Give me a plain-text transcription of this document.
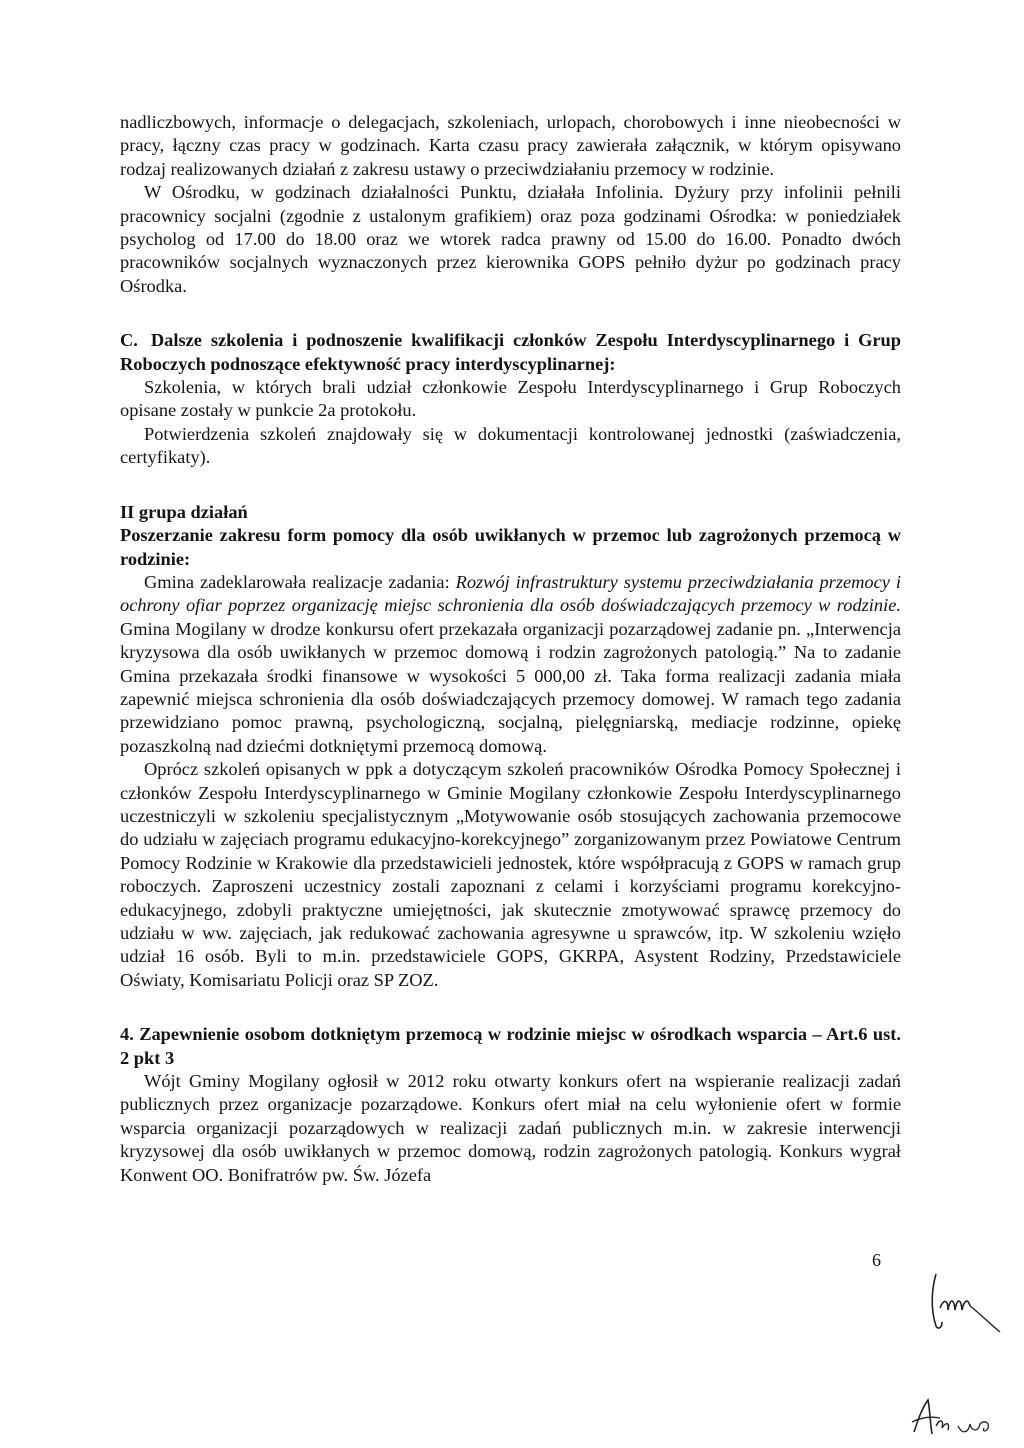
nadliczbowych, informacje o delegacjach, szkoleniach, urlopach, chorobowych i inne nieobecności w pracy, łączny czas pracy w godzinach. Karta czasu pracy zawierała załącznik, w którym opisywano rodzaj realizowanych działań z zakresu ustawy o przeciwdziałaniu przemocy w rodzinie.

W Ośrodku, w godzinach działalności Punktu, działała Infolinia. Dyżury przy infolinii pełnili pracownicy socjalni (zgodnie z ustalonym grafikiem) oraz poza godzinami Ośrodka: w poniedziałek psycholog od 17.00 do 18.00 oraz we wtorek radca prawny od 15.00 do 16.00. Ponadto dwóch pracowników socjalnych wyznaczonych przez kierownika GOPS pełniło dyżur po godzinach pracy Ośrodka.

C. Dalsze szkolenia i podnoszenie kwalifikacji członków Zespołu Interdyscyplinarnego i Grup Roboczych podnoszące efektywność pracy interdyscyplinarnej:

Szkolenia, w których brali udział członkowie Zespołu Interdyscyplinarnego i Grup Roboczych opisane zostały w punkcie 2a protokołu.

Potwierdzenia szkoleń znajdowały się w dokumentacji kontrolowanej jednostki (zaświadczenia, certyfikaty).

II grupa działań

Poszerzanie zakresu form pomocy dla osób uwikłanych w przemoc lub zagrożonych przemocą w rodzinie:

Gmina zadeklarowała realizacje zadania: Rozwój infrastruktury systemu przeciwdziałania przemocy i ochrony ofiar poprzez organizację miejsc schronienia dla osób doświadczających przemocy w rodzinie. Gmina Mogilany w drodze konkursu ofert przekazała organizacji pozarządowej zadanie pn. „Interwencja kryzysowa dla osób uwikłanych w przemoc domową i rodzin zagrożonych patologią.” Na to zadanie Gmina przekazała środki finansowe w wysokości 5 000,00 zł. Taka forma realizacji zadania miała zapewnić miejsca schronienia dla osób doświadczających przemocy domowej. W ramach tego zadania przewidziano pomoc prawną, psychologiczną, socjalną, pielęgniarską, mediacje rodzinne, opiekę pozaszkolną nad dziećmi dotkniętymi przemocą domową.

Oprócz szkoleń opisanych w ppk a dotyczącym szkoleń pracowników Ośrodka Pomocy Społecznej i członków Zespołu Interdyscyplinarnego w Gminie Mogilany członkowie Zespołu Interdyscyplinarnego uczestniczyli w szkoleniu specjalistycznym „Motywowanie osób stosujących zachowania przemocowe do udziału w zajęciach programu edukacyjno-korekcyjnego” zorganizowanym przez Powiatowe Centrum Pomocy Rodzinie w Krakowie dla przedstawicieli jednostek, które współpracują z GOPS w ramach grup roboczych. Zaproszeni uczestnicy zostali zapoznani z celami i korzyściami programu korekcyjno-edukacyjnego, zdobyli praktyczne umiejętności, jak skutecznie zmotywować sprawcę przemocy do udziału w ww. zajęciach, jak redukować zachowania agresywne u sprawców, itp. W szkoleniu wzięło udział 16 osób. Byli to m.in. przedstawiciele GOPS, GKRPA, Asystent Rodziny, Przedstawiciele Oświaty, Komisariatu Policji oraz SP ZOZ.

4. Zapewnienie osobom dotkniętym przemocą w rodzinie miejsc w ośrodkach wsparcia – Art.6 ust. 2 pkt 3

Wójt Gminy Mogilany ogłosił w 2012 roku otwarty konkurs ofert na wspieranie realizacji zadań publicznych przez organizacje pozarządowe. Konkurs ofert miał na celu wyłonienie ofert w formie wsparcia organizacji pozarządowych w realizacji zadań publicznych m.in. w zakresie interwencji kryzysowej dla osób uwikłanych w przemoc domową, rodzin zagrożonych patologią. Konkurs wygrał Konwent OO. Bonifratrów pw. Św. Józefa

6
